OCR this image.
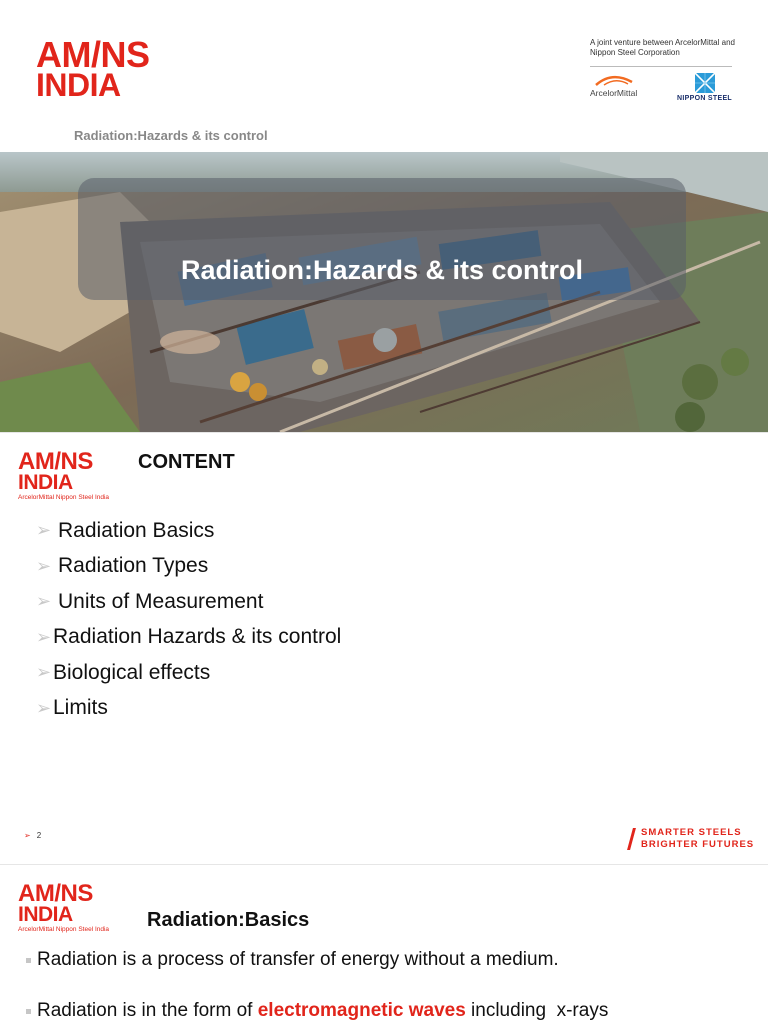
AM/NS
INDIA
A joint venture between ArcelorMittal and Nippon Steel Corporation
ArcelorMittal
NIPPON STEEL
Radiation:Hazards & its control
Radiation:Hazards & its control
AM/NS
INDIA
ArcelorMittal Nippon Steel India
CONTENT
➢ Radiation Basics
➢ Radiation Types
➢ Units of Measurement
➢ Radiation Hazards & its control
➢ Biological effects
➢ Limits
➢ 2	SMARTER STEELS
BRIGHTER FUTURES
AM/NS
INDIA
ArcelorMittal Nippon Steel India Radiation:Basics
Radiation is a process of transfer of energy without a medium.
Radiation is in the form of electromagnetic waves including  x-rays
